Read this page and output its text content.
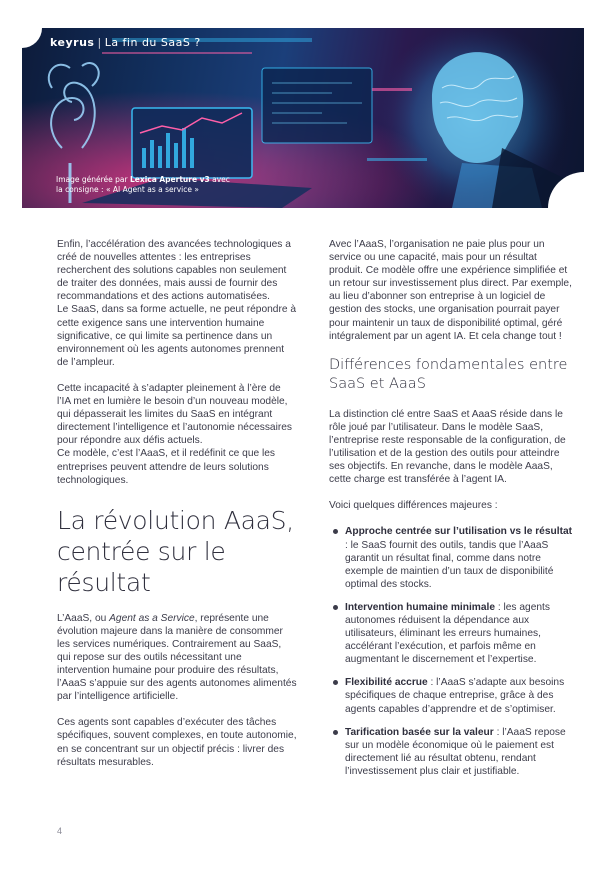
keyrus | La fin du SaaS ?
Image générée par Lexica Aperture v3 avec
la consigne : « AI Agent as a service »

Enfin, l’accélération des avancées technologiques a créé de nouvelles attentes : les entreprises recherchent des solutions capables non seulement de traiter des données, mais aussi de fournir des recommandations et des actions automatisées.
Le SaaS, dans sa forme actuelle, ne peut répondre à cette exigence sans une intervention humaine significative, ce qui limite sa pertinence dans un environnement où les agents autonomes prennent de l’ampleur.

Cette incapacité à s’adapter pleinement à l’ère de l’IA met en lumière le besoin d’un nouveau modèle, qui dépasserait les limites du SaaS en intégrant directement l’intelligence et l’autonomie nécessaires pour répondre aux défis actuels.
Ce modèle, c’est l’AaaS, et il redéfinit ce que les entreprises peuvent attendre de leurs solutions technologiques.

La révolution AaaS, centrée sur le résultat

L’AaaS, ou Agent as a Service, représente une évolution majeure dans la manière de consommer les services numériques. Contrairement au SaaS, qui repose sur des outils nécessitant une intervention humaine pour produire des résultats, l’AaaS s’appuie sur des agents autonomes alimentés par l’intelligence artificielle.

Ces agents sont capables d’exécuter des tâches spécifiques, souvent complexes, en toute autonomie, en se concentrant sur un objectif précis : livrer des résultats mesurables.

Avec l’AaaS, l’organisation ne paie plus pour un service ou une capacité, mais pour un résultat produit. Ce modèle offre une expérience simplifiée et un retour sur investissement plus direct. Par exemple, au lieu d’abonner son entreprise à un logiciel de gestion des stocks, une organisation pourrait payer pour maintenir un taux de disponibilité optimal, géré intégralement par un agent IA. Et cela change tout !

Différences fondamentales entre SaaS et AaaS

La distinction clé entre SaaS et AaaS réside dans le rôle joué par l’utilisateur. Dans le modèle SaaS, l’entreprise reste responsable de la configuration, de l’utilisation et de la gestion des outils pour atteindre ses objectifs. En revanche, dans le modèle AaaS, cette charge est transférée à l’agent IA.

Voici quelques différences majeures :

Approche centrée sur l’utilisation vs le résultat : le SaaS fournit des outils, tandis que l’AaaS garantit un résultat final, comme dans notre exemple de maintien d’un taux de disponibilité optimal des stocks.
Intervention humaine minimale : les agents autonomes réduisent la dépendance aux utilisateurs, éliminant les erreurs humaines, accélérant l’exécution, et parfois même en augmentant le discernement et l’expertise.
Flexibilité accrue : l’AaaS s’adapte aux besoins spécifiques de chaque entreprise, grâce à des agents capables d’apprendre et de s’optimiser.
Tarification basée sur la valeur : l’AaaS repose sur un modèle économique où le paiement est directement lié au résultat obtenu, rendant l’investissement plus clair et justifiable.
4
